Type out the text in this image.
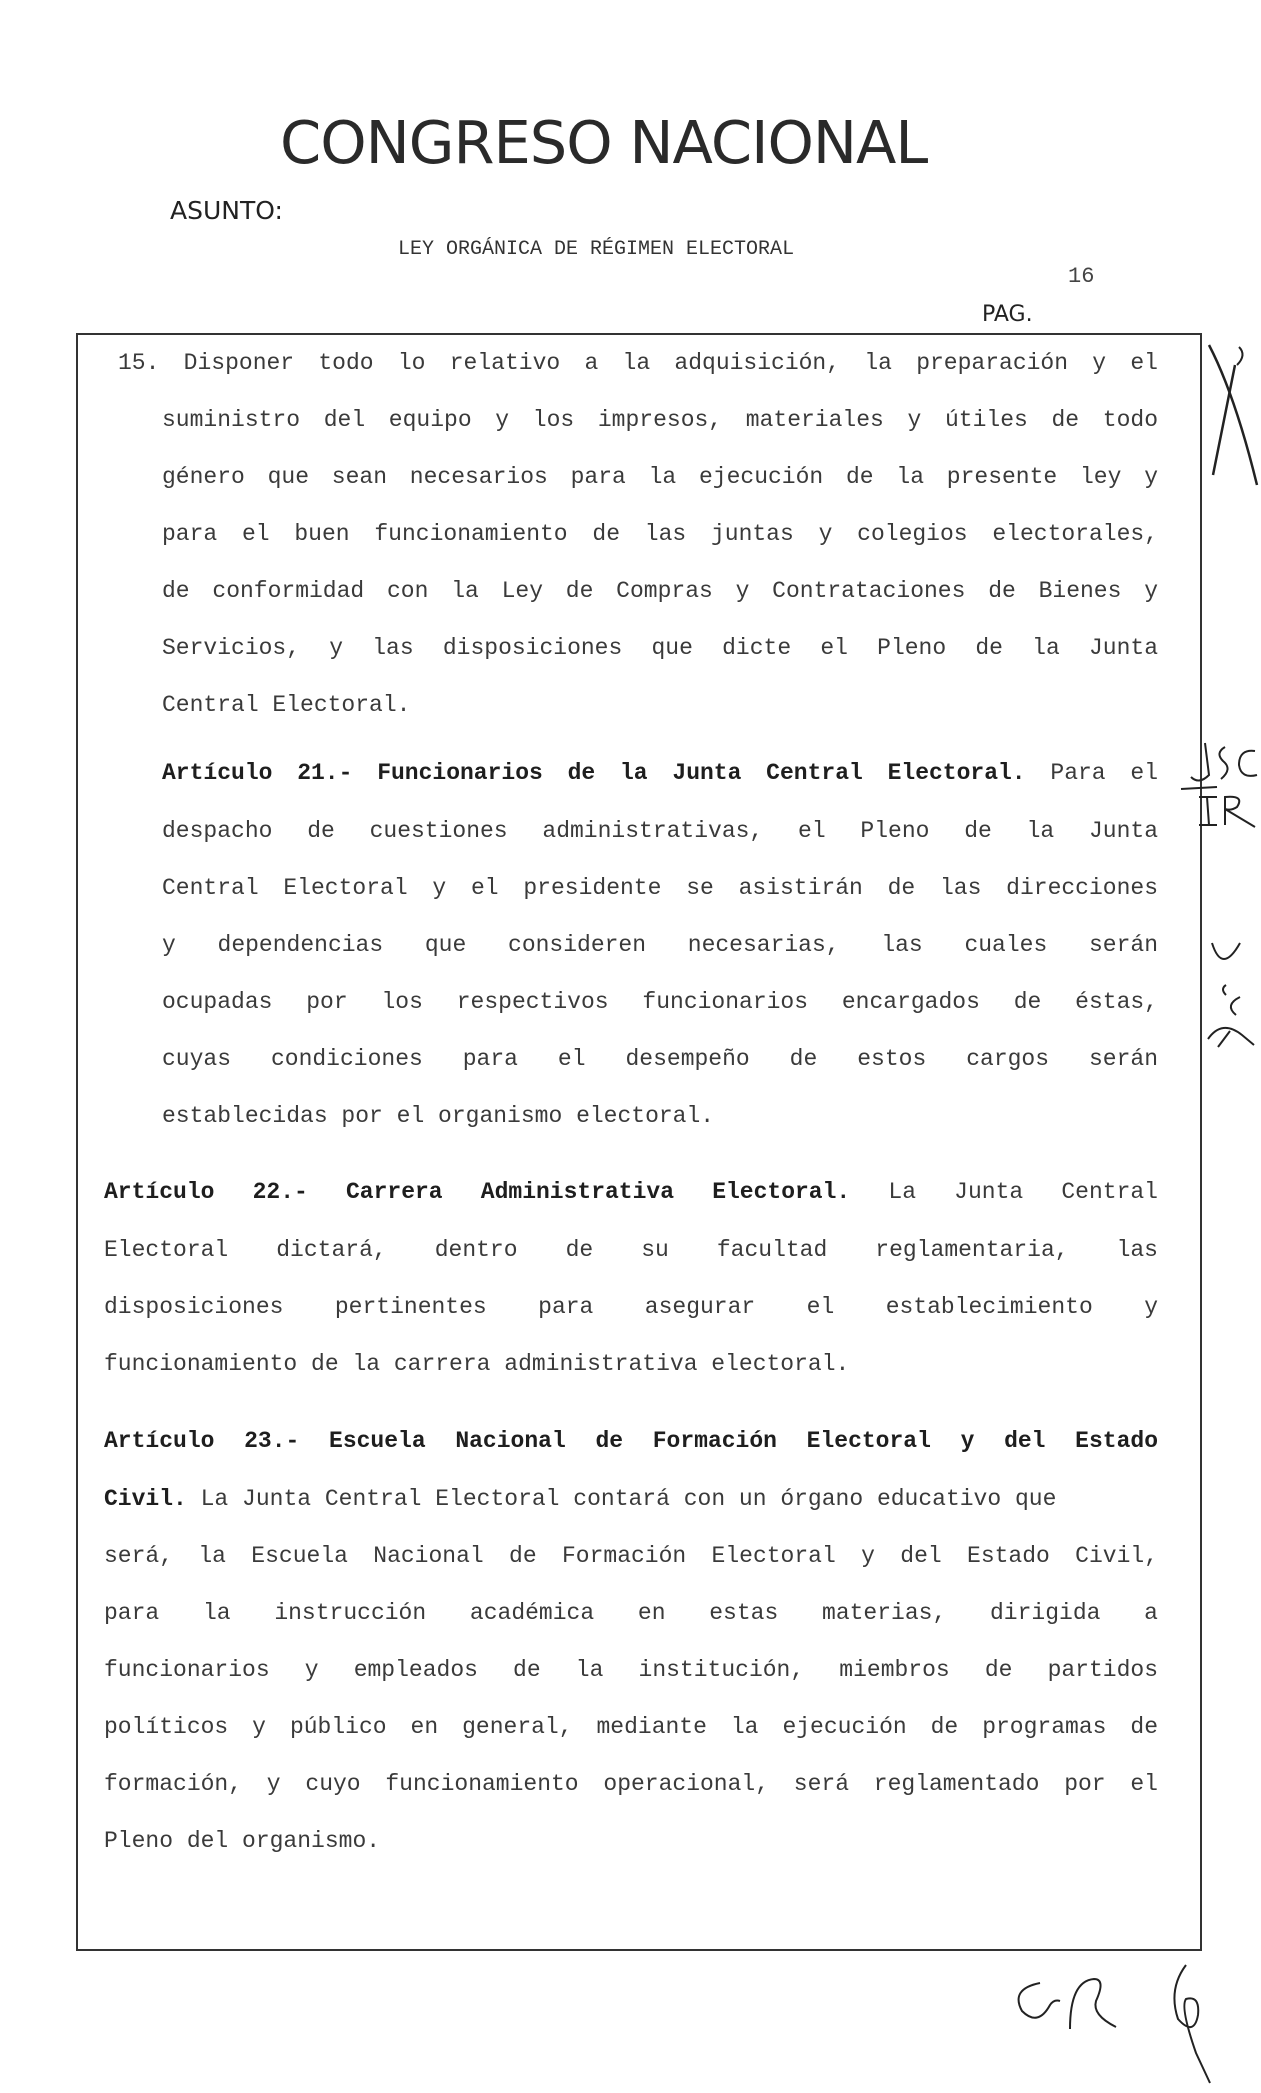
CONGRESO NACIONAL
ASUNTO:
LEY ORGÁNICA DE RÉGIMEN ELECTORAL
16
PAG.
15. Disponer todo lo relativo a la adquisición, la preparación y el
suministro del equipo y los impresos, materiales y útiles de todo
género que sean necesarios para la ejecución de la presente ley y
para el buen funcionamiento de las juntas y colegios electorales,
de conformidad con la Ley de Compras y Contrataciones de Bienes y
Servicios, y las disposiciones que dicte el Pleno de la Junta
Central Electoral.
Artículo 21.- Funcionarios de la Junta Central Electoral. Para el
despacho de cuestiones administrativas, el Pleno de la Junta
Central Electoral y el presidente se asistirán de las direcciones
y dependencias que consideren necesarias, las cuales serán
ocupadas por los respectivos funcionarios encargados de éstas,
cuyas condiciones para el desempeño de estos cargos serán
establecidas por el organismo electoral.
Artículo 22.- Carrera Administrativa Electoral. La Junta Central
Electoral dictará, dentro de su facultad reglamentaria, las
disposiciones pertinentes para asegurar el establecimiento y
funcionamiento de la carrera administrativa electoral.
Artículo 23.- Escuela Nacional de Formación Electoral y del Estado
Civil. La Junta Central Electoral contará con un órgano educativo que
será, la Escuela Nacional de Formación Electoral y del Estado Civil,
para la instrucción académica en estas materias, dirigida a
funcionarios y empleados de la institución, miembros de partidos
políticos y público en general, mediante la ejecución de programas de
formación, y cuyo funcionamiento operacional, será reglamentado por el
Pleno del organismo.
